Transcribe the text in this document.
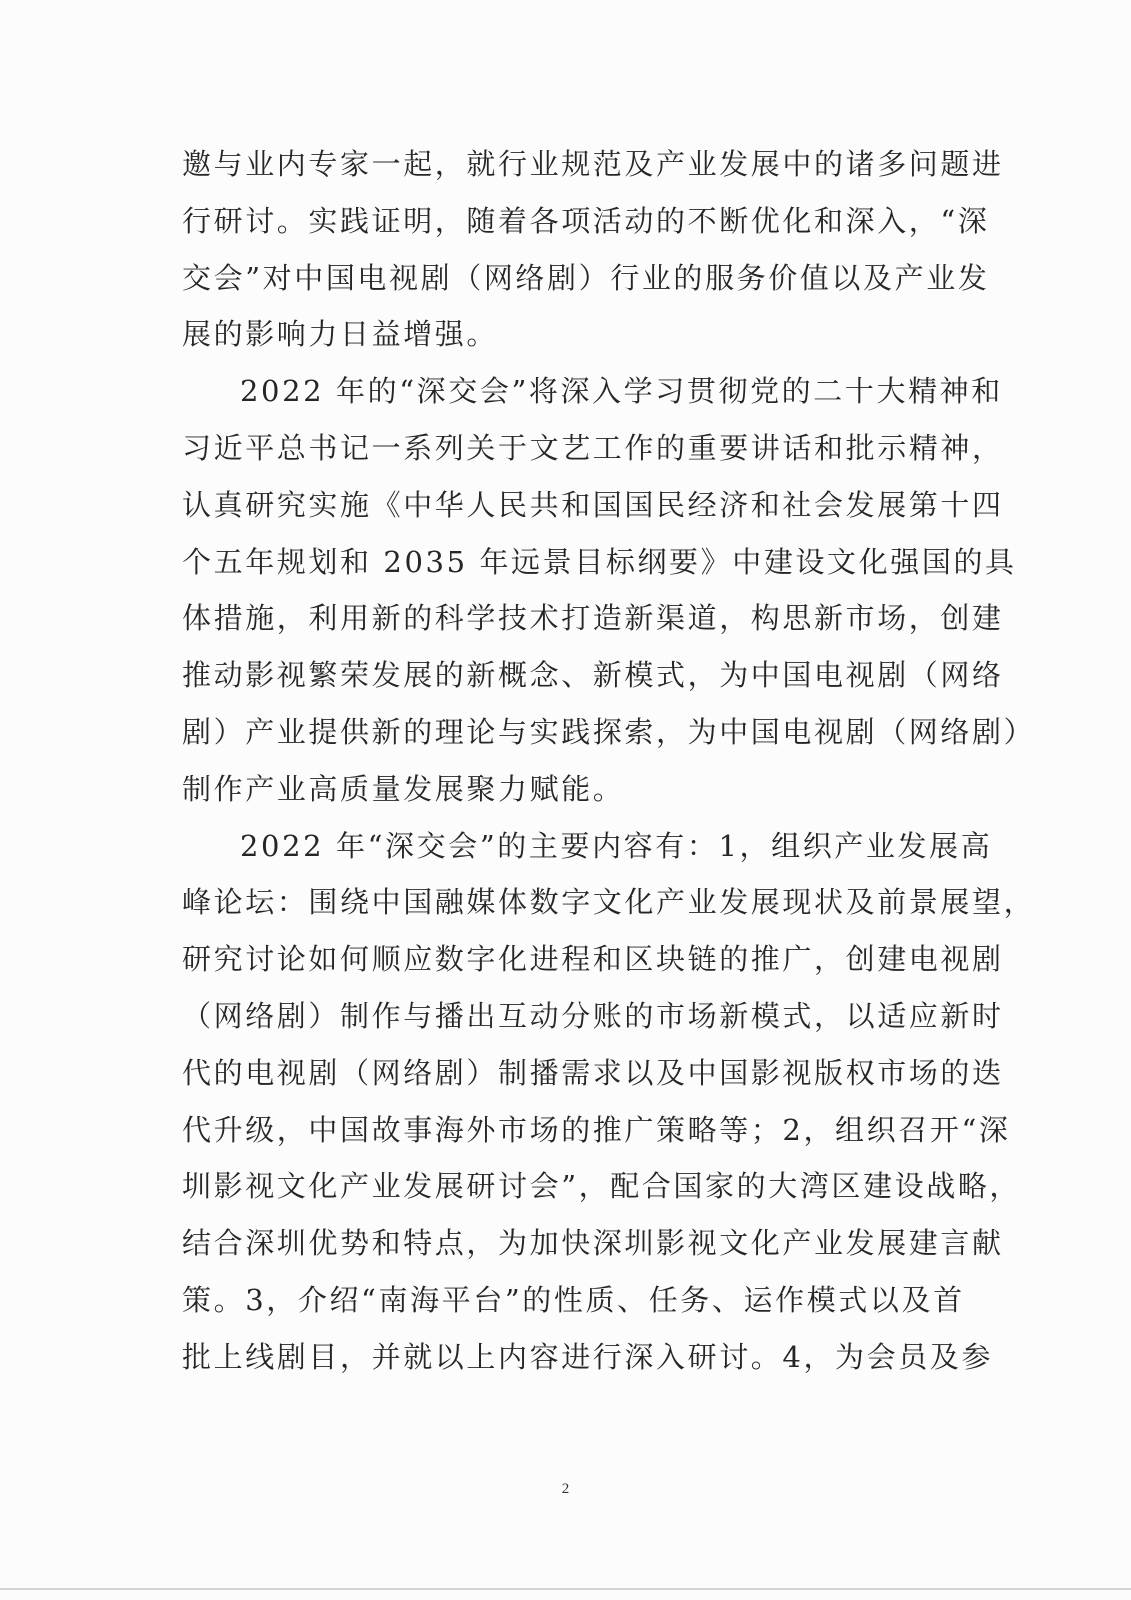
邀与业内专家一起，就行业规范及产业发展中的诸多问题进
行研讨。实践证明，随着各项活动的不断优化和深入，“深
交会”对中国电视剧（网络剧）行业的服务价值以及产业发
展的影响力日益增强。
2022 年的“深交会”将深入学习贯彻党的二十大精神和
习近平总书记一系列关于文艺工作的重要讲话和批示精神，
认真研究实施《中华人民共和国国民经济和社会发展第十四
个五年规划和 2035 年远景目标纲要》中建设文化强国的具
体措施，利用新的科学技术打造新渠道，构思新市场，创建
推动影视繁荣发展的新概念、新模式，为中国电视剧（网络
剧）产业提供新的理论与实践探索，为中国电视剧（网络剧）
制作产业高质量发展聚力赋能。
2022 年“深交会”的主要内容有：1，组织产业发展高
峰论坛：围绕中国融媒体数字文化产业发展现状及前景展望，
研究讨论如何顺应数字化进程和区块链的推广，创建电视剧
（网络剧）制作与播出互动分账的市场新模式，以适应新时
代的电视剧（网络剧）制播需求以及中国影视版权市场的迭
代升级，中国故事海外市场的推广策略等；2，组织召开“深
圳影视文化产业发展研讨会”，配合国家的大湾区建设战略，
结合深圳优势和特点，为加快深圳影视文化产业发展建言献
策。3，介绍“南海平台”的性质、任务、运作模式以及首
批上线剧目，并就以上内容进行深入研讨。4，为会员及参
2
